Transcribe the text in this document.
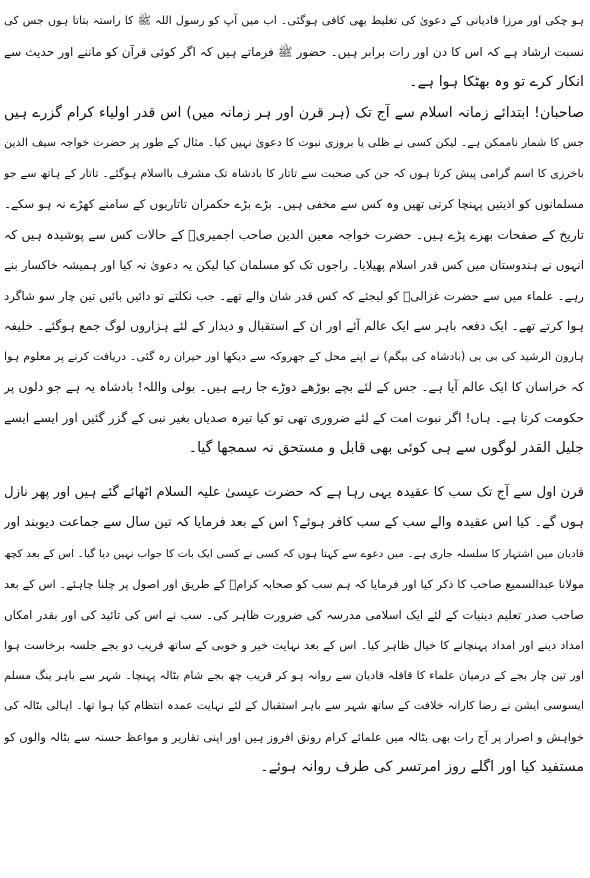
ہو چکی اور مرزا قادیانی کے دعویٰ کی تغلیط بھی کافی ہوگئی۔ اب میں آپ کو رسول اللہ ﷺ کا راستہ بتاتا ہوں جس کی
نسبت ارشاد ہے کہ اس کا دن اور رات برابر ہیں۔ حضور ﷺ فرماتے ہیں کہ اگر کوئی قرآن کو ماننے اور حدیث سے
انکار کرے تو وہ بھٹکا ہوا ہے۔
صاحبان! ابتدائے زمانہ اسلام سے آج تک (ہر قرن اور ہر زمانہ میں) اس قدر اولیاء کرام گزرے ہیں
جس کا شمار ناممکن ہے۔ لیکن کسی نے ظلی یا بروزی نبوت کا دعویٰ نہیں کیا۔ مثال کے طور پر حضرت خواجہ سیف الدین
باخرزی کا اسم گرامی پیش کرتا ہوں کہ جن کی صحبت سے تاتار کا بادشاہ تک مشرف بااسلام ہوگئے۔ تاتار کے ہاتھ سے جو
مسلمانوں کو اذیتیں پہنچا کرتی تھیں وہ کس سے مخفی ہیں۔ بڑے بڑے حکمران تاتاریوں کے سامنے کھڑے نہ ہو سکے۔
تاریخ کے صفحات بھرے پڑے ہیں۔ حضرت خواجہ معین الدین صاحب اجمیریؒ کے حالات کس سے پوشیدہ ہیں کہ
انہوں نے ہندوستان میں کس قدر اسلام پھیلایا۔ راجوں تک کو مسلمان کیا لیکن یہ دعویٰ نہ کیا اور ہمیشہ خاکسار بنے
رہے۔ علماء میں سے حضرت غزالیؒ کو لیجئے کہ کس قدر شان والے تھے۔ جب نکلتے تو دائیں بائیں تین چار سو شاگرد
ہوا کرتے تھے۔ ایک دفعہ باہر سے ایک عالم آئے اور ان کے استقبال و دیدار کے لئے ہزاروں لوگ جمع ہوگئے۔ خلیفہ
ہارون الرشید کی بی بی (بادشاہ کی بیگم) نے اپنے محل کے جھروکہ سے دیکھا اور حیران رہ گئی۔ دریافت کرنے پر معلوم ہوا
کہ خراسان کا ایک عالم آیا ہے۔ جس کے لئے بچے بوڑھے دوڑے جا رہے ہیں۔ بولی واللہ! بادشاہ یہ ہے جو دلوں پر
حکومت کرتا ہے۔ ہاں! اگر نبوت امت کے لئے ضروری تھی تو کیا تیرہ صدیاں بغیر نبی کے گزر گئیں اور ایسے ایسے
جلیل القدر لوگوں سے ہی کوئی بھی قابل و مستحق نہ سمجھا گیا۔
قرن اول سے آج تک سب کا عقیدہ یہی رہا ہے کہ حضرت عیسیٰ علیہ السلام اٹھائے گئے ہیں اور پھر نازل
ہوں گے۔ کیا اس عقیدہ والے سب کے سب کافر ہوئے؟ اس کے بعد فرمایا کہ تین سال سے جماعت دیوبند اور
قادیان میں اشتہار کا سلسلہ جاری ہے۔ میں دعوے سے کہتا ہوں کہ کسی نے کسی ایک بات کا جواب نہیں دیا گیا۔ اس کے بعد کچھ
مولانا عبدالسمیع صاحب کا ذکر کیا اور فرمایا کہ ہم سب کو صحابہ کرامؓ کے طریق اور اصول پر چلنا چاہئے۔ اس کے بعد
صاحب صدر تعلیم دینیات کے لئے ایک اسلامی مدرسہ کی ضرورت ظاہر کی۔ سب نے اس کی تائید کی اور بقدر امکاں
امداد دینے اور امداد پہنچانے کا خیال ظاہر کیا۔ اس کے بعد نہایت خیر و خوبی کے ساتھ قریب دو بجے جلسہ برخاست ہوا
اور تین چار بجے کے درمیان علماء کا قافلہ قادیان سے روانہ ہو کر قریب چھ بجے شام بٹالہ پہنچا۔ شہر سے باہر ینگ مسلم
ایسوسی ایشن نے رضا کارانہ خلافت کے ساتھ شہر سے باہر استقبال کے لئے نہایت عمدہ انتظام کیا ہوا تھا۔ اہالی بٹالہ کی
خواہش و اصرار پر آج رات بھی بٹالہ میں علمائے کرام رونق افروز ہیں اور اپنی تقاریر و مواعظ حسنہ سے بٹالہ والوں کو
مستفید کیا اور اگلے روز امرتسر کی طرف روانہ ہوئے۔
